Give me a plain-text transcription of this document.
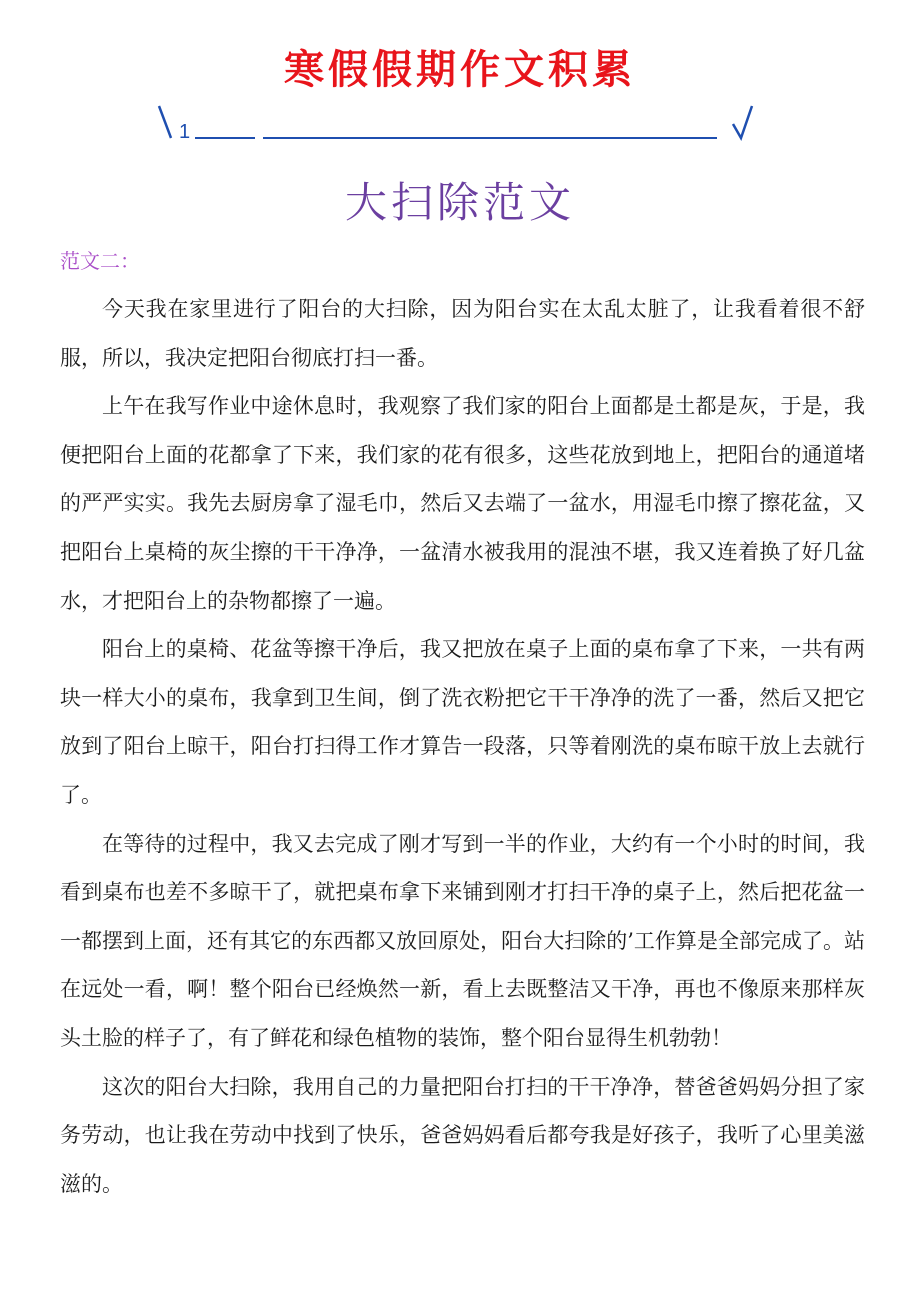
寒假假期作文积累
1
大扫除范文
范文二：

今天我在家里进行了阳台的大扫除，因为阳台实在太乱太脏了，让我看着很不舒服，所以，我决定把阳台彻底打扫一番。

上午在我写作业中途休息时，我观察了我们家的阳台上面都是土都是灰，于是，我便把阳台上面的花都拿了下来，我们家的花有很多，这些花放到地上，把阳台的通道堵的严严实实。我先去厨房拿了湿毛巾，然后又去端了一盆水，用湿毛巾擦了擦花盆，又把阳台上桌椅的灰尘擦的干干净净，一盆清水被我用的混浊不堪，我又连着换了好几盆水，才把阳台上的杂物都擦了一遍。

阳台上的桌椅、花盆等擦干净后，我又把放在桌子上面的桌布拿了下来，一共有两块一样大小的桌布，我拿到卫生间，倒了洗衣粉把它干干净净的洗了一番，然后又把它放到了阳台上晾干，阳台打扫得工作才算告一段落，只等着刚洗的桌布晾干放上去就行了。

在等待的过程中，我又去完成了刚才写到一半的作业，大约有一个小时的时间，我看到桌布也差不多晾干了，就把桌布拿下来铺到刚才打扫干净的桌子上，然后把花盆一一都摆到上面，还有其它的东西都又放回原处，阳台大扫除的’工作算是全部完成了。站在远处一看，啊！整个阳台已经焕然一新，看上去既整洁又干净，再也不像原来那样灰头土脸的样子了，有了鲜花和绿色植物的装饰，整个阳台显得生机勃勃！

这次的阳台大扫除，我用自己的力量把阳台打扫的干干净净，替爸爸妈妈分担了家务劳动，也让我在劳动中找到了快乐，爸爸妈妈看后都夸我是好孩子，我听了心里美滋滋的。
